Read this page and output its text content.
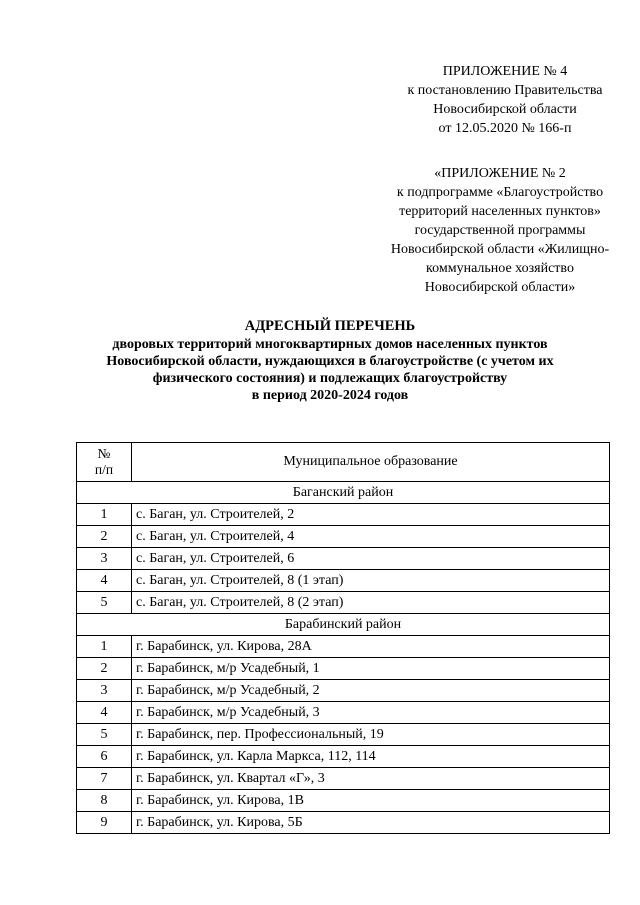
ПРИЛОЖЕНИЕ № 4
к постановлению Правительства
Новосибирской области
от 12.05.2020 № 166-п
«ПРИЛОЖЕНИЕ № 2
к подпрограмме «Благоустройство
территорий населенных пунктов»
государственной программы
Новосибирской области «Жилищно-
коммунальное хозяйство
Новосибирской области»
АДРЕСНЫЙ ПЕРЕЧЕНЬ
дворовых территорий многоквартирных домов населенных пунктов
Новосибирской области, нуждающихся в благоустройстве (с учетом их
физического состояния) и подлежащих благоустройству
в период 2020-2024 годов
№
п/п	Муниципальное образование
Баганский район	
1	с. Баган, ул. Строителей, 2
2	с. Баган, ул. Строителей, 4
3	с. Баган, ул. Строителей, 6
4	с. Баган, ул. Строителей, 8 (1 этап)
5	с. Баган, ул. Строителей, 8 (2 этап)
Барабинский район	
1	г. Барабинск, ул. Кирова, 28А
2	г. Барабинск, м/р Усадебный, 1
3	г. Барабинск, м/р Усадебный, 2
4	г. Барабинск, м/р Усадебный, 3
5	г. Барабинск, пер. Профессиональный, 19
6	г. Барабинск, ул. Карла Маркса, 112, 114
7	г. Барабинск, ул. Квартал «Г», 3
8	г. Барабинск, ул. Кирова, 1В
9	г. Барабинск, ул. Кирова, 5Б
